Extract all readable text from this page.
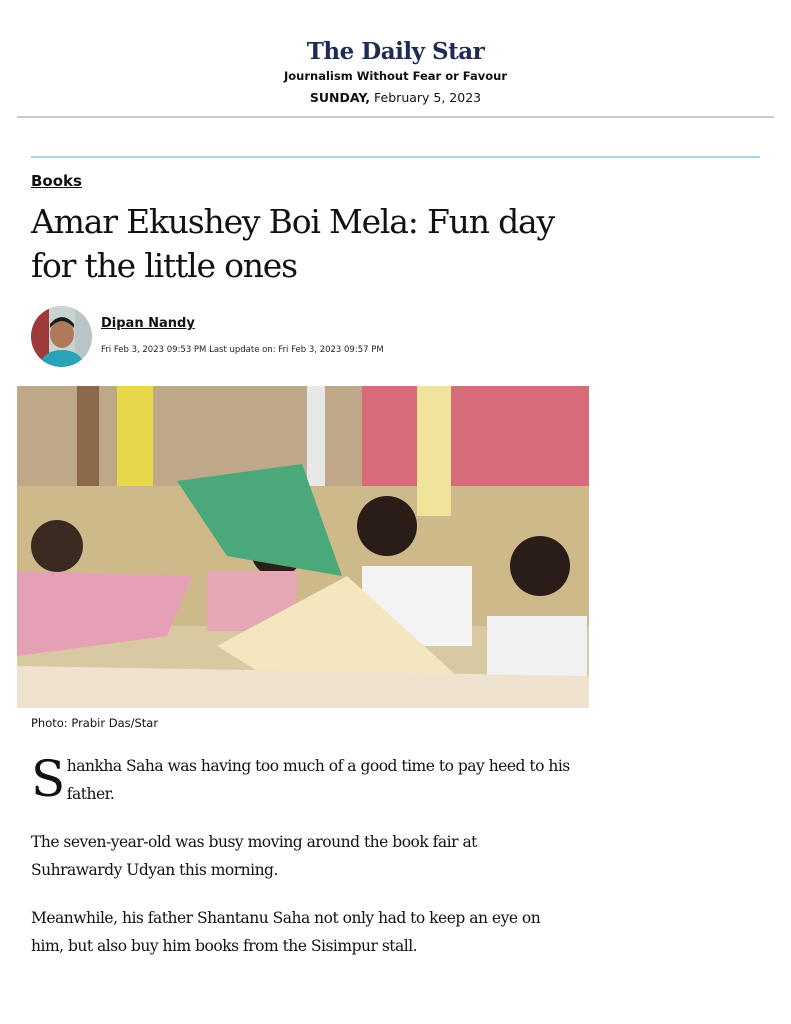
The Daily Star
Journalism Without Fear or Favour
SUNDAY, February 5, 2023
Books
Amar Ekushey Boi Mela: Fun day for the little ones
Dipan Nandy
Fri Feb 3, 2023 09:53 PM Last update on: Fri Feb 3, 2023 09:57 PM
Photo: Prabir Das/Star

Shankha Saha was having too much of a good time to pay heed to his father.

The seven-year-old was busy moving around the book fair at Suhrawardy Udyan this morning.

Meanwhile, his father Shantanu Saha not only had to keep an eye on him, but also buy him books from the Sisimpur stall.
